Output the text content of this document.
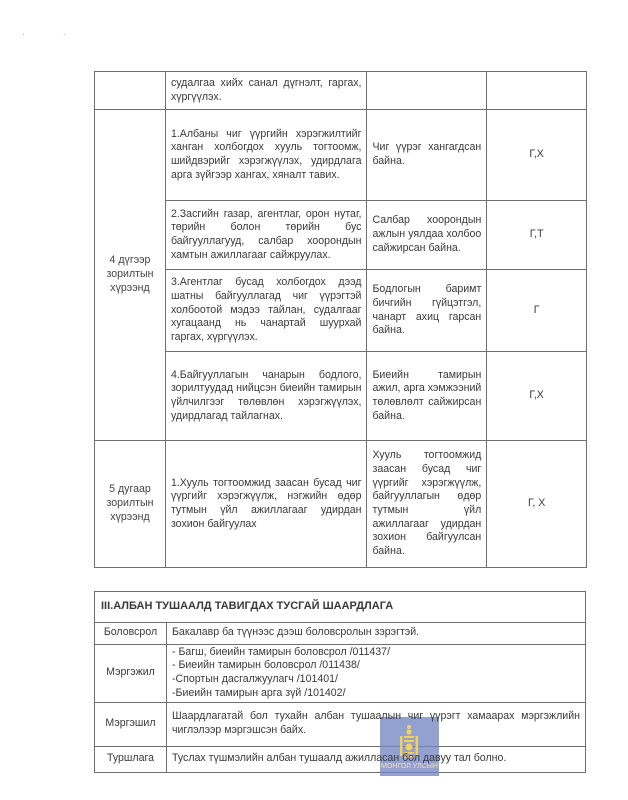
· ·
	судалгаа хийх санал дүгнэлт, гаргах, хүргүүлэх.		
4 дүгээр зорилтын хүрээнд	1.Албаны чиг үүргийн хэрэгжилтийг ханган холбогдох хууль тогтоомж, шийдвэрийг хэрэгжүүлэх, удирдлага арга зүйгээр хангах, хяналт тавих.	Чиг үүрэг хангагдсан байна.	Г,Х
	2.Засгийн газар, агентлаг, орон нутаг, төрийн болон төрийн бус байгууллагууд, салбар хоорондын хамтын ажиллагааг сайжруулах.	Салбар хоорондын ажлын уялдаа холбоо сайжирсан байна.	Г,Т
	3.Агентлаг бусад холбогдох дээд шатны байгууллагад чиг үүрэгтэй холбоотой мэдээ тайлан, судалгааг хугацаанд нь чанартай шуурхай гаргах, хүргүүлэх.	Бодлогын баримт бичгийн гүйцэтгэл, чанарт ахиц гарсан байна.	Г
	4.Байгууллагын чанарын бодлого, зорилтуудад нийцсэн биеийн тамирын үйлчилгээг төлөвлөн хэрэгжүүлэх, удирдлагад тайлагнах.	Биеийн тамирын ажил, арга хэмжээний төлөвлөлт сайжирсан байна.	Г,Х
5 дугаар зорилтын хүрээнд	1.Хууль тогтоомжид заасан бусад чиг үүргийг хэрэгжүүлж, нэгжийн өдөр тутмын үйл ажиллагааг удирдан зохион байгуулах	Хууль тогтоомжид заасан бусад чиг үүргийг хэрэгжүүлж, байгууллагын өдөр тутмын үйл ажиллагааг удирдан зохион байгуулсан байна.	Г, Х
III.АЛБАН ТУШААЛД ТАВИГДАХ ТУСГАЙ ШААРДЛАГА	
Боловсрол	Бакалавр ба түүнээс дээш боловсролын зэрэгтэй.
Мэргэжил	- Багш, биеийн тамирын боловсрол /011437/
- Биеийн тамирын боловсрол /011438/
-Спортын дасгалжуулагч /101401/
-Биеийн тамирын арга зүй /101402/

Мэргэшил	Шаардлагатай бол тухайн албан тушаалын чиг үүрэгт хамаарах мэргэжлийн чиглэлээр мэргэшсэн байх.
Туршлага	Туслах түшмэлийн албан тушаалд ажилласан бол давуу тал болно.
МОНГОЛ УЛСЫН
